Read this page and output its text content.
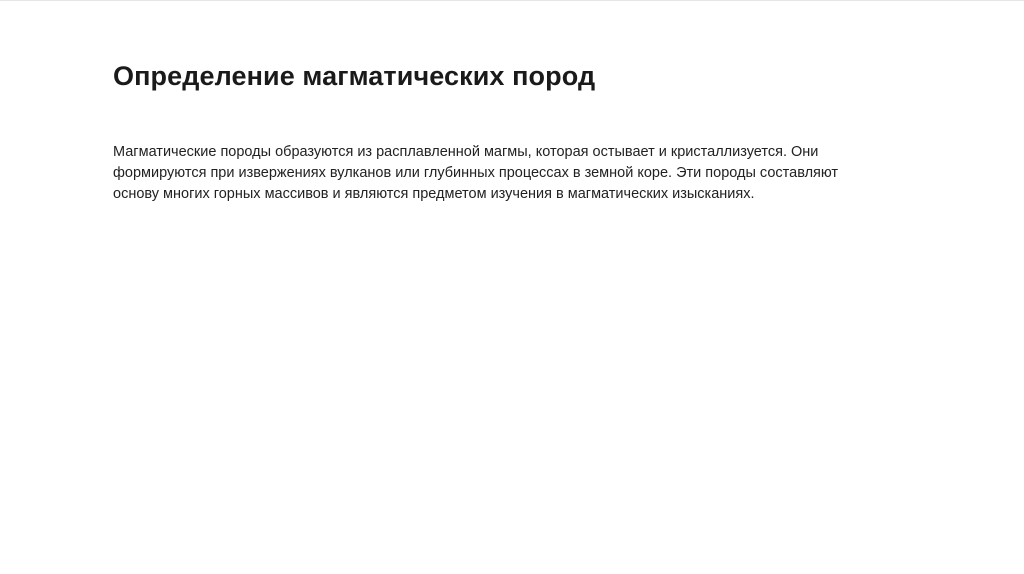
Определение магматических пород

Магматические породы образуются из расплавленной магмы, которая остывает и кристаллизуется. Они
формируются при извержениях вулканов или глубинных процессах в земной коре. Эти породы составляют
основу многих горных массивов и являются предметом изучения в магматических изысканиях.
